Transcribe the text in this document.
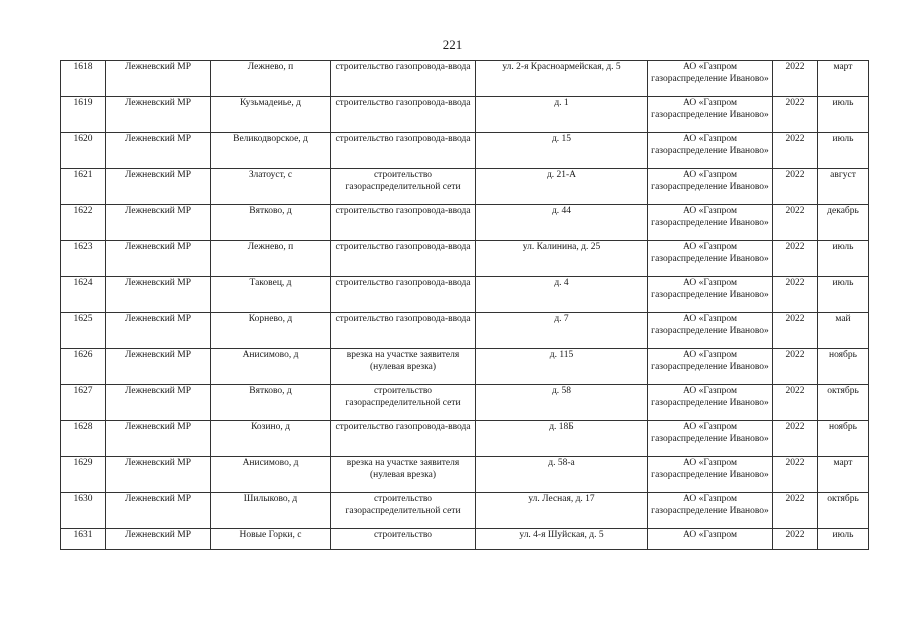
221
1618	Лежневский МР	Лежнево, п	строительство газопровода-ввода	ул. 2-я Красноармейская, д. 5	АО «Газпром газораспределение Иваново»	2022	март
1619	Лежневский МР	Кузьмадеиье, д	строительство газопровода-ввода	д. 1	АО «Газпром газораспределение Иваново»	2022	июль
1620	Лежневский МР	Великодворское, д	строительство газопровода-ввода	д. 15	АО «Газпром газораспределение Иваново»	2022	июль
1621	Лежневский МР	Златоуст, с	строительство газораспределительной сети	д. 21-А	АО «Газпром газораспределение Иваново»	2022	август
1622	Лежневский МР	Вятково, д	строительство газопровода-ввода	д. 44	АО «Газпром газораспределение Иваново»	2022	декабрь
1623	Лежневский МР	Лежнево, п	строительство газопровода-ввода	ул. Калинина, д. 25	АО «Газпром газораспределение Иваново»	2022	июль
1624	Лежневский МР	Таковец, д	строительство газопровода-ввода	д. 4	АО «Газпром газораспределение Иваново»	2022	июль
1625	Лежневский МР	Корнево, д	строительство газопровода-ввода	д. 7	АО «Газпром газораспределение Иваново»	2022	май
1626	Лежневский МР	Анисимово, д	врезка на участке заявителя (нулевая врезка)	д. 115	АО «Газпром газораспределение Иваново»	2022	ноябрь
1627	Лежневский МР	Вятково, д	строительство газораспределительной сети	д. 58	АО «Газпром газораспределение Иваново»	2022	октябрь
1628	Лежневский МР	Козино, д	строительство газопровода-ввода	д. 18Б	АО «Газпром газораспределение Иваново»	2022	ноябрь
1629	Лежневский МР	Анисимово, д	врезка на участке заявителя (нулевая врезка)	д. 58-а	АО «Газпром газораспределение Иваново»	2022	март
1630	Лежневский МР	Шилыково, д	строительство газораспределительной сети	ул. Лесная, д. 17	АО «Газпром газораспределение Иваново»	2022	октябрь
1631	Лежневский МР	Новые Горки, с	строительство	ул. 4-я Шуйская, д. 5	АО «Газпром	2022	июль
